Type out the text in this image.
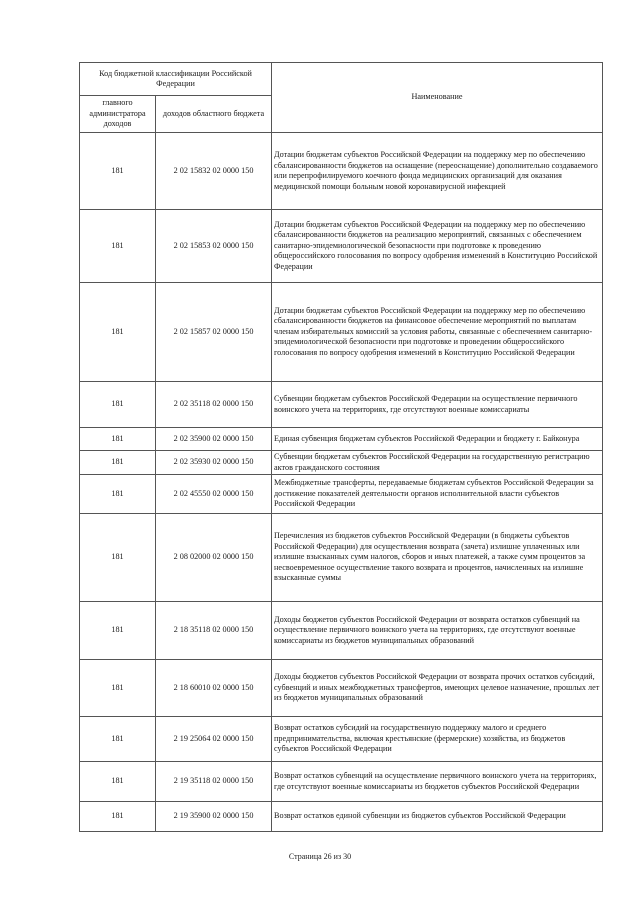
Код бюджетной классификации Российской Федерации		Наименование
главного администратора доходов	доходов областного бюджета	
181	2 02 15832 02 0000 150	Дотации бюджетам субъектов Российской Федерации на поддержку мер по обеспечению сбалансированности бюджетов на оснащение (переоснащение) дополнительно создаваемого или перепрофилируемого коечного фонда медицинских организаций для оказания медицинской помощи больным новой коронавирусной инфекцией
181	2 02 15853 02 0000 150	Дотации бюджетам субъектов Российской Федерации на поддержку мер по обеспечению сбалансированности бюджетов на реализацию мероприятий, связанных с обеспечением санитарно-эпидемиологической безопасности при подготовке к проведению общероссийского голосования по вопросу одобрения изменений в Конституцию Российской Федерации
181	2 02 15857 02 0000 150	Дотации бюджетам субъектов Российской Федерации на поддержку мер по обеспечению сбалансированности бюджетов на финансовое обеспечение мероприятий по выплатам членам избирательных комиссий за условия работы, связанные с обеспечением санитарно-эпидемиологической безопасности при подготовке и проведении общероссийского голосования по вопросу одобрения изменений в Конституцию Российской Федерации
181	2 02 35118 02 0000 150	Субвенции бюджетам субъектов Российской Федерации на осуществление первичного воинского учета на территориях, где отсутствуют военные комиссариаты
181	2 02 35900 02 0000 150	Единая субвенция бюджетам субъектов Российской Федерации и бюджету г. Байконура
181	2 02 35930 02 0000 150	Субвенции бюджетам субъектов Российской Федерации на государственную регистрацию актов гражданского состояния
181	2 02 45550 02 0000 150	Межбюджетные трансферты, передаваемые бюджетам субъектов Российской Федерации за достижение показателей деятельности органов исполнительной власти субъектов Российской Федерации
181	2 08 02000 02 0000 150	Перечисления из бюджетов субъектов Российской Федерации (в бюджеты субъектов Российской Федерации) для осуществления возврата (зачета) излишне уплаченных или излишне взысканных сумм налогов, сборов и иных платежей, а также сумм процентов за несвоевременное осуществление такого возврата и процентов, начисленных на излишне взысканные суммы
181	2 18 35118 02 0000 150	Доходы бюджетов субъектов Российской Федерации от возврата остатков субвенций на осуществление первичного воинского учета на территориях, где отсутствуют военные комиссариаты из бюджетов муниципальных образований
181	2 18 60010 02 0000 150	Доходы бюджетов субъектов Российской Федерации от возврата прочих остатков субсидий, субвенций и иных межбюджетных трансфертов, имеющих целевое назначение, прошлых лет из бюджетов муниципальных образований
181	2 19 25064 02 0000 150	Возврат остатков субсидий на государственную поддержку малого и среднего предпринимательства, включая крестьянские (фермерские) хозяйства, из бюджетов субъектов Российской Федерации
181	2 19 35118 02 0000 150	Возврат остатков субвенций на осуществление первичного воинского учета на территориях, где отсутствуют военные комиссариаты из бюджетов субъектов Российской Федерации
181	2 19 35900 02 0000 150	Возврат остатков единой субвенции из бюджетов субъектов Российской Федерации
Страница 26 из 30
